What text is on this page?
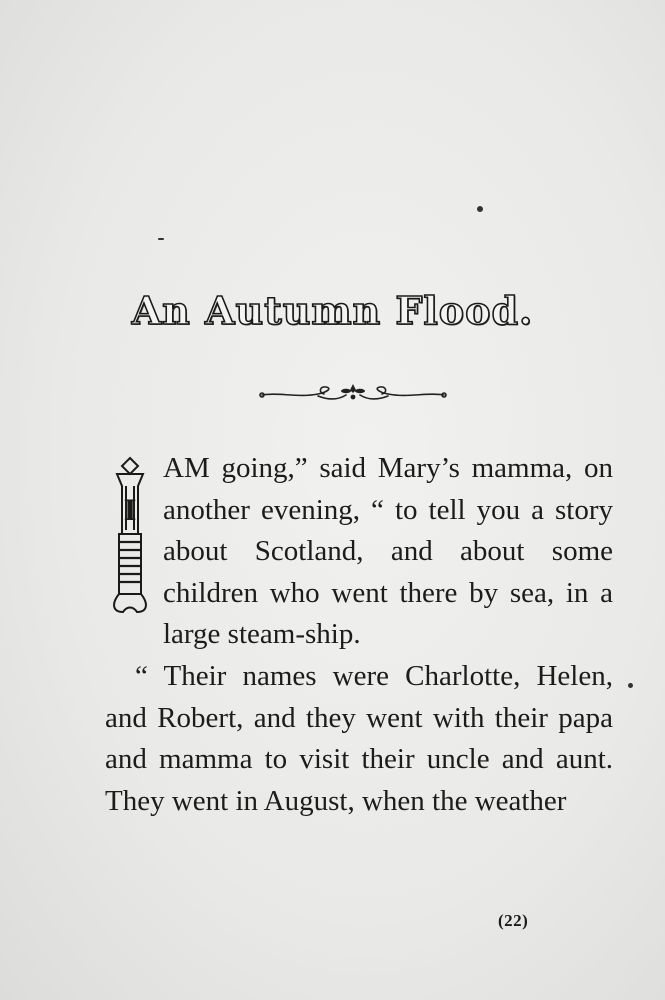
An Autumn Flood.
I

AM going,” said Mary’s mamma, on another evening, “ to tell you a story about Scotland, and about some children who went there by sea, in a large steam-ship.

“ Their names were Charlotte, Helen, and Robert, and they went with their papa and mamma to visit their uncle and aunt. They went in August, when the weather

(22)
